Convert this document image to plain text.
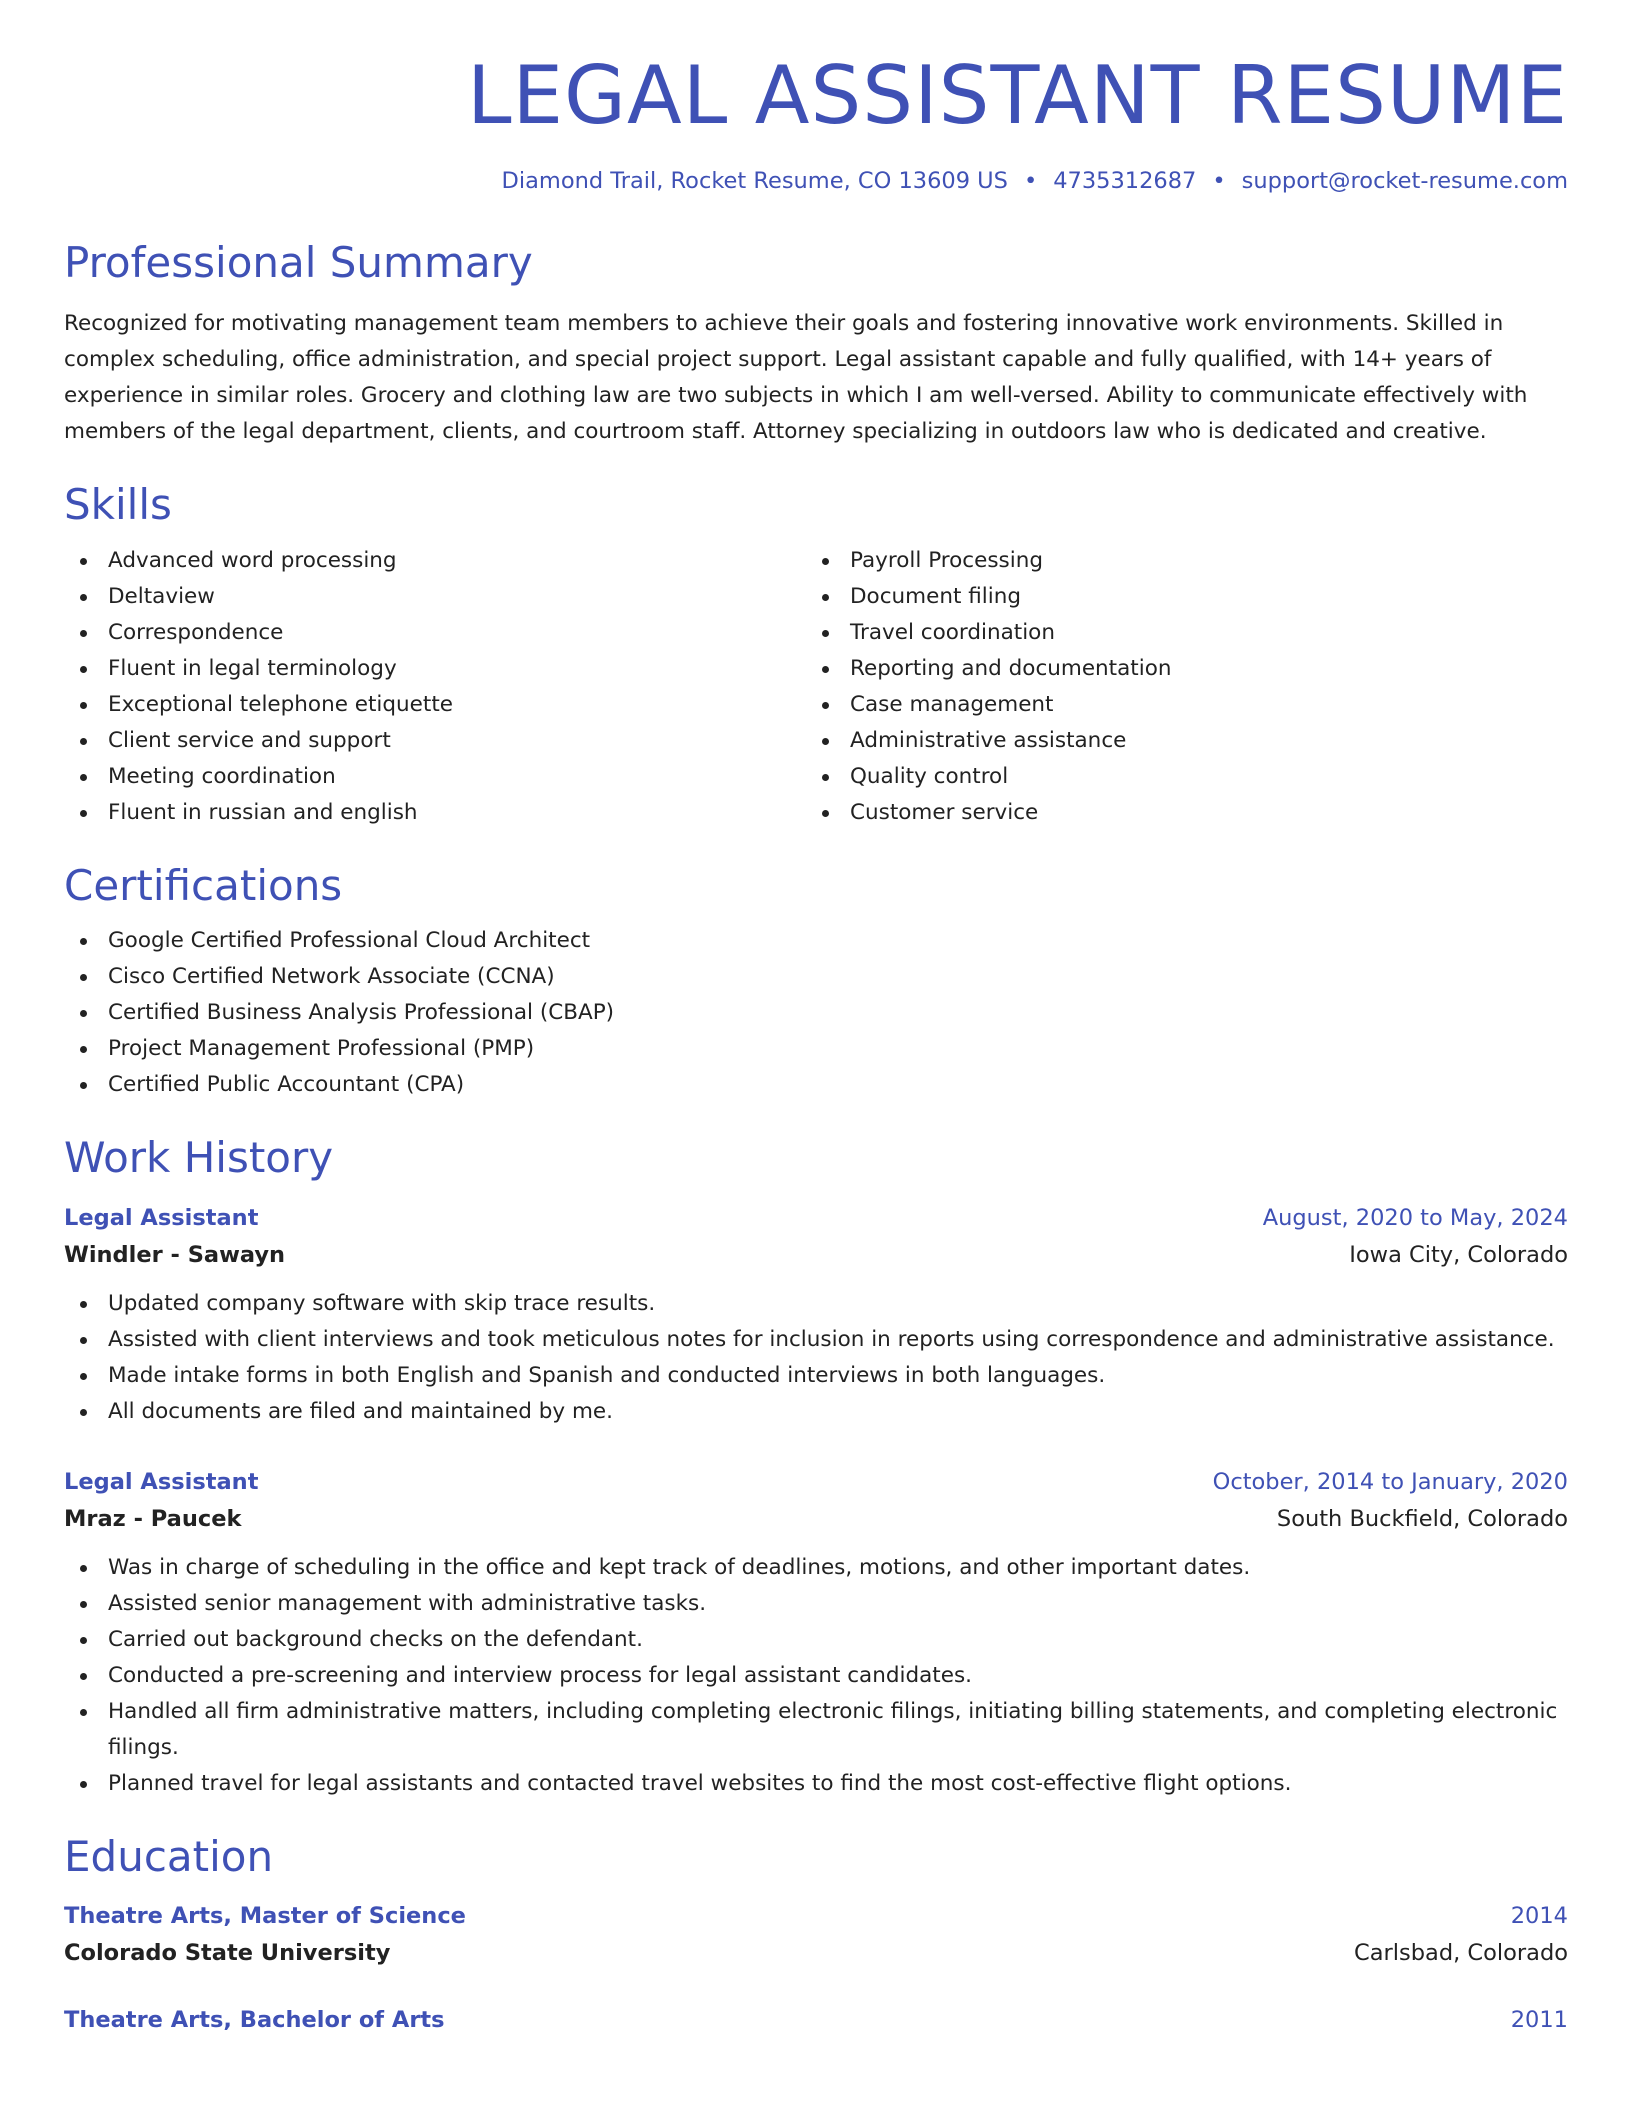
LEGAL ASSISTANT RESUME
Diamond Trail, Rocket Resume, CO 13609 US • 4735312687 • support@rocket-resume.com
Professional Summary

Recognized for motivating management team members to achieve their goals and fostering innovative work environments. Skilled in complex scheduling, office administration, and special project support. Legal assistant capable and fully qualified, with 14+ years of experience in similar roles. Grocery and clothing law are two subjects in which I am well-versed. Ability to communicate effectively with members of the legal department, clients, and courtroom staff. Attorney specializing in outdoors law who is dedicated and creative.

Skills
Advanced word processing
Deltaview
Correspondence
Fluent in legal terminology
Exceptional telephone etiquette
Client service and support
Meeting coordination
Fluent in russian and english
Payroll Processing
Document filing
Travel coordination
Reporting and documentation
Case management
Administrative assistance
Quality control
Customer service
Certifications
Google Certified Professional Cloud Architect
Cisco Certified Network Associate (CCNA)
Certified Business Analysis Professional (CBAP)
Project Management Professional (PMP)
Certified Public Accountant (CPA)
Work History
Legal Assistant	August, 2020 to May, 2024
Windler - Sawayn	Iowa City, Colorado
Updated company software with skip trace results.
Assisted with client interviews and took meticulous notes for inclusion in reports using correspondence and administrative assistance.
Made intake forms in both English and Spanish and conducted interviews in both languages.
All documents are filed and maintained by me.
Legal Assistant	October, 2014 to January, 2020
Mraz - Paucek	South Buckfield, Colorado
Was in charge of scheduling in the office and kept track of deadlines, motions, and other important dates.
Assisted senior management with administrative tasks.
Carried out background checks on the defendant.
Conducted a pre-screening and interview process for legal assistant candidates.
Handled all firm administrative matters, including completing electronic filings, initiating billing statements, and completing electronic filings.
Planned travel for legal assistants and contacted travel websites to find the most cost-effective flight options.
Education
Theatre Arts, Master of Science	2014
Colorado State University	Carlsbad, Colorado
Theatre Arts, Bachelor of Arts	2011
